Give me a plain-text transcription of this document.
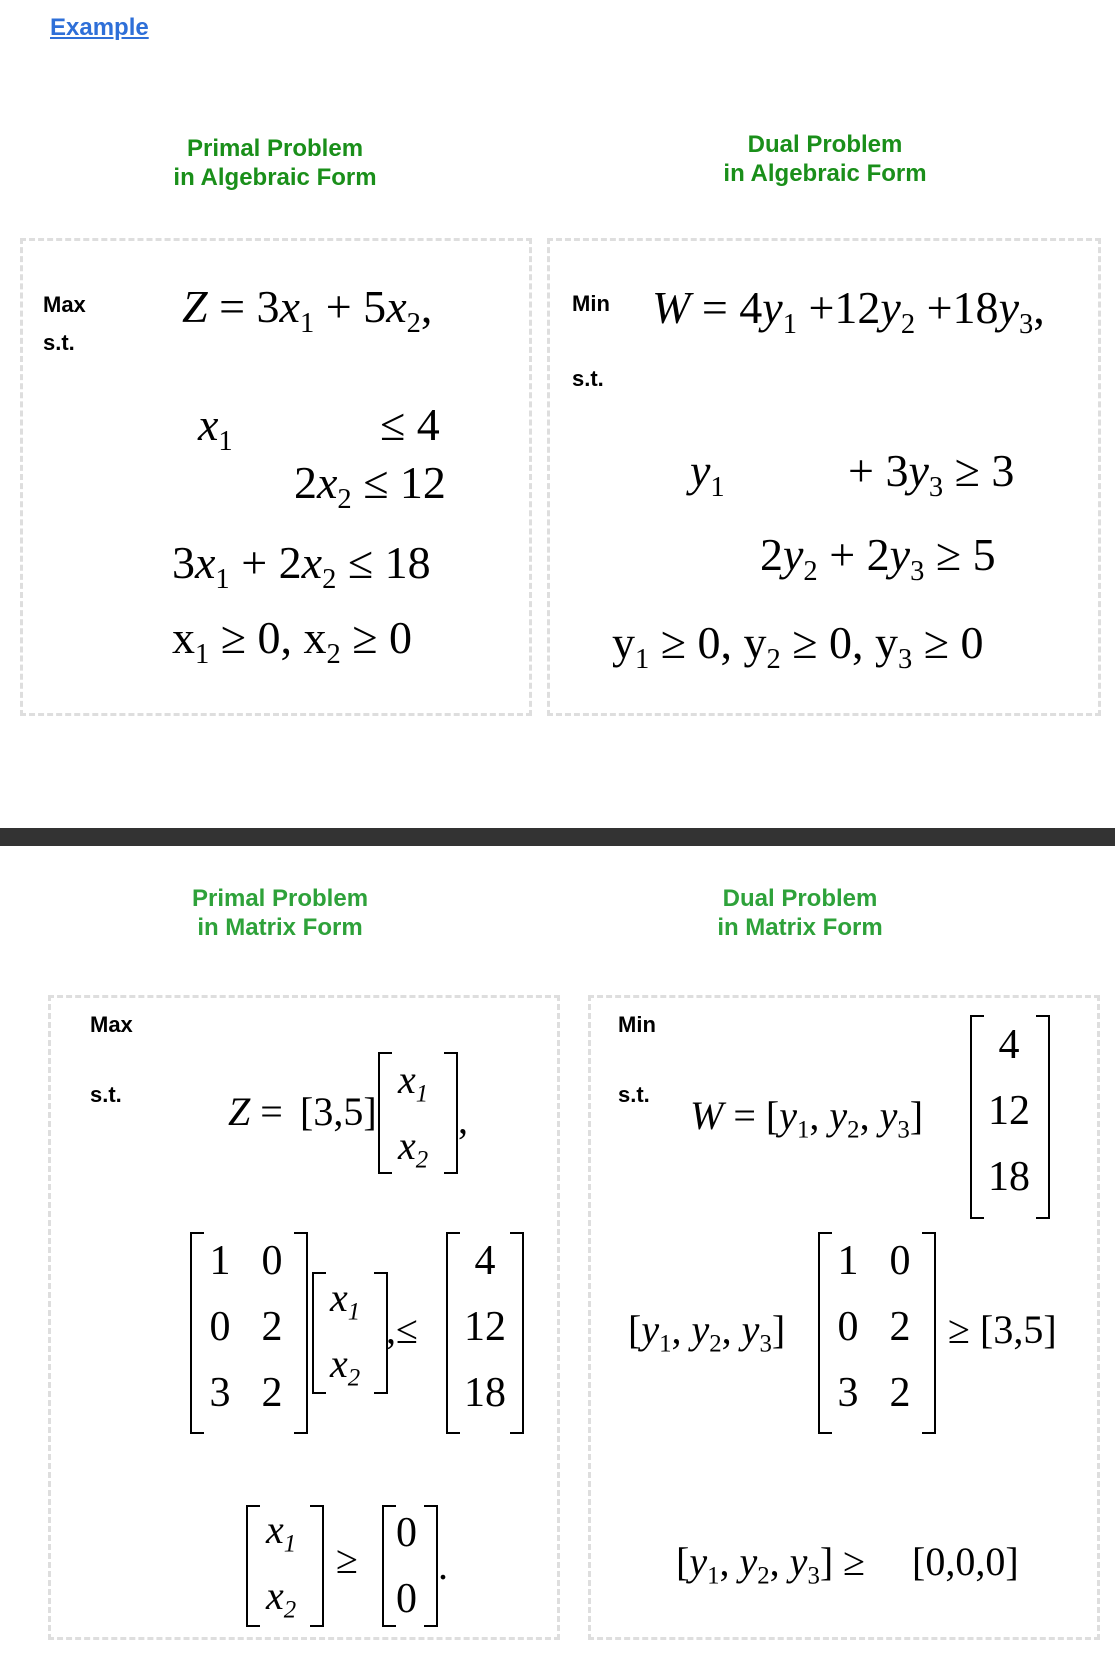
Example
Primal Problem
in Algebraic Form
Dual Problem
in Algebraic Form
Max
s.t.
$Z = 3x_1 + 5x_2$,
$x_1$	≤ 4
$2x_2 \le 12$
$3x_1 + 2x_2 \le 18$
$x_1 \ge 0$, $x_2 \ge 0$
Min
s.t.
$W = 4y_1 +12y_2 +18y_3$,
$y_1$	+ $3y_3 \ge 3$
$2y_2 + 2y_3 \ge 5$
$y_1 \ge 0$, $y_2 \ge 0$, $y_3 \ge 0$
Primal Problem
in Matrix Form
Dual Problem
in Matrix Form
Max
s.t.	Z = [3,5]
$x_1$
$x_2$
,
1 0
0 2
3 2
$x_1$
$x_2$
,≤
4
12
18
$x_1$
$x_2$
≥
0
0
.
Min
s.t. $W = [y_1$, $y_2$, $y_3$]
4
12
18
[$y_1$, $y_2$, $y_3$]
1 0
0 2
3 2
≥ [3,5]
[$y_1$, $y_2$, $y_3] \ge [0,0,0]$
